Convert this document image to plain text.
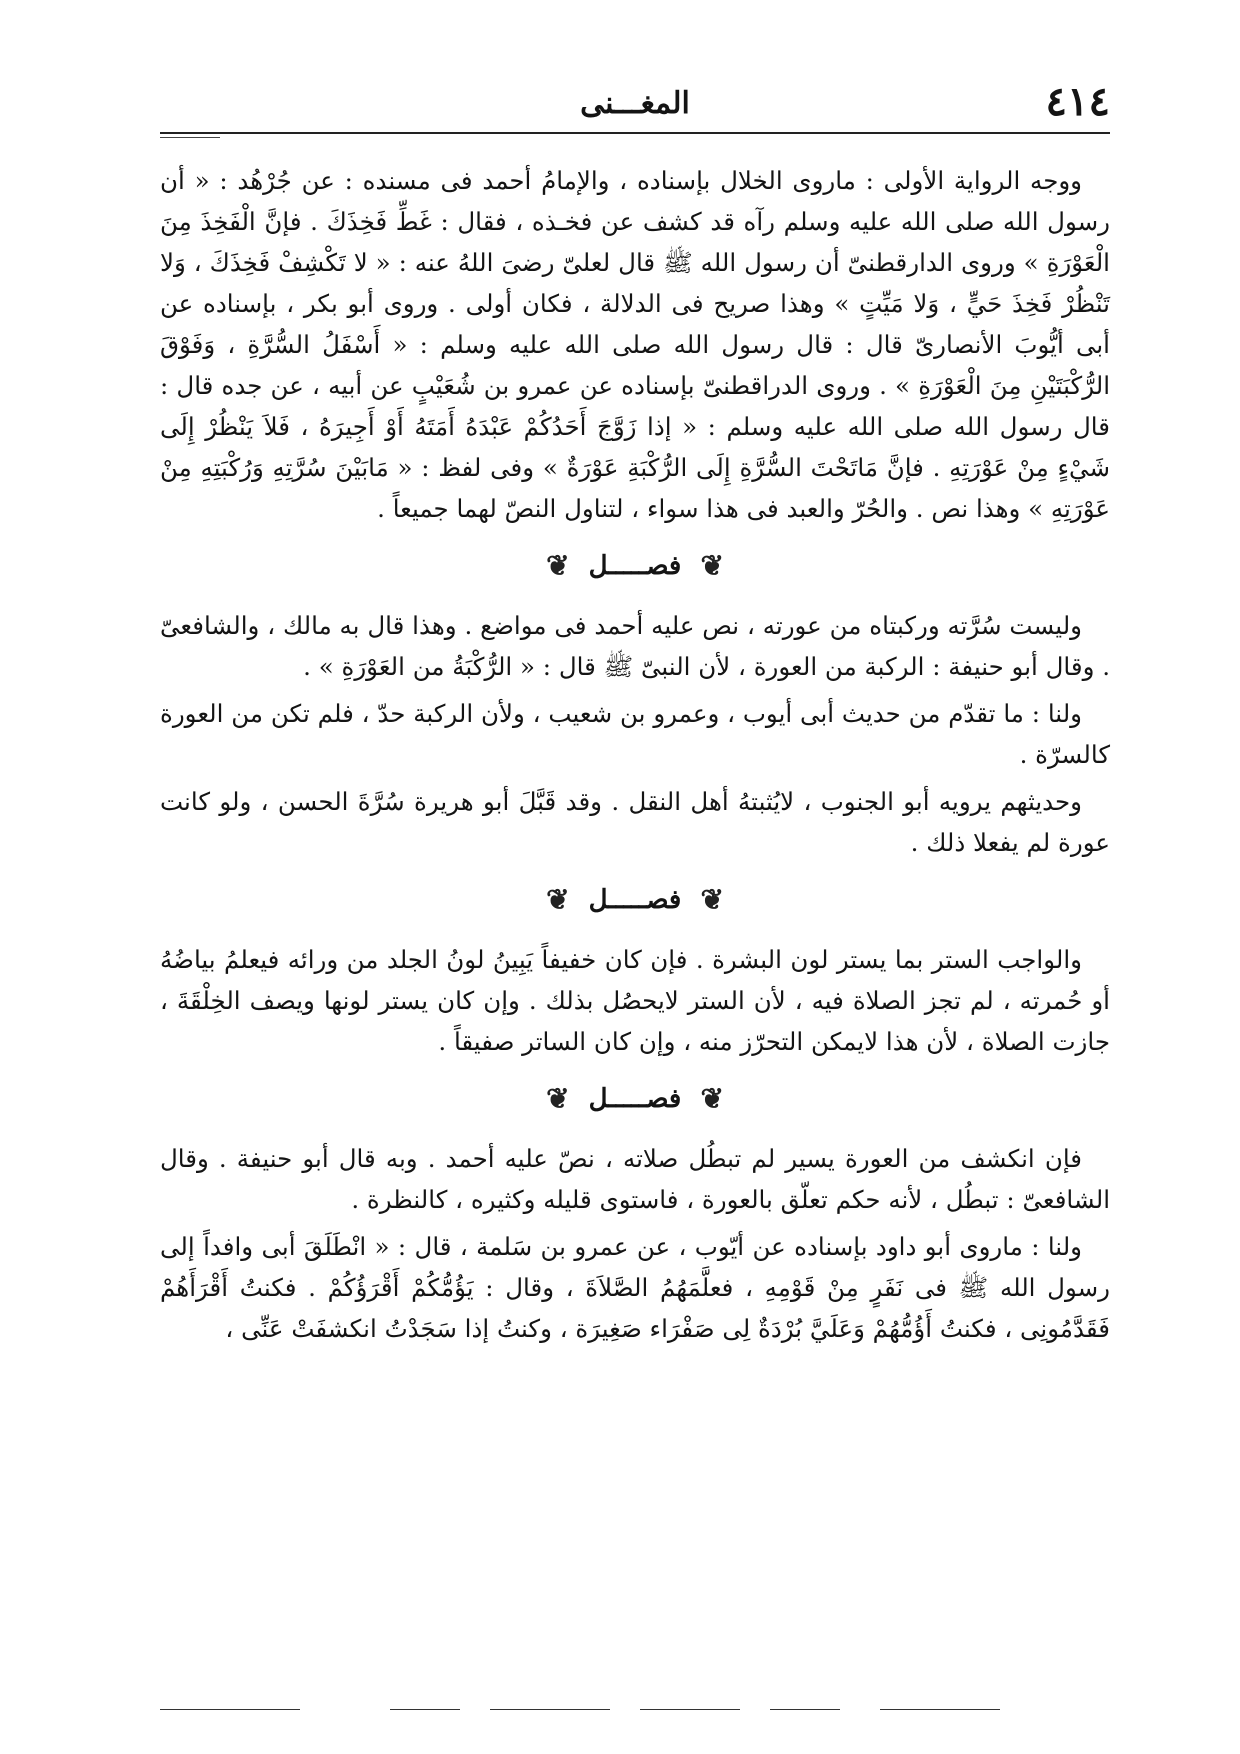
٤١٤
المغـــنى

ووجه الرواية الأولى : ماروى الخلال بإسناده ، والإمامُ أحمد فى مسنده : عن جُرْهُد : « أن رسول الله صلى الله عليه وسلم رآه قد كشف عن فخـذه ، فقال : غَطِّ فَخِذَكَ . فإنَّ الْفَخِذَ مِنَ الْعَوْرَةِ » وروى الدارقطنىّ أن رسول الله ﷺ قال لعلىّ رضىَ اللهُ عنه : « لا تَكْشِفْ فَخِذَكَ ، وَلا تَنْظُرْ فَخِذَ حَيٍّ ، وَلا مَيِّتٍ » وهذا صريح فى الدلالة ، فكان أولى . وروى أبو بكر ، بإسناده عن أبى أيُّوبَ الأنصارىّ قال : قال رسول الله صلى الله عليه وسلم : « أَسْفَلُ السُّرَّةِ ، وَفَوْقَ الرُّكْبَتَيْنِ مِنَ الْعَوْرَةِ » . وروى الدراقطنىّ بإسناده عن عمرو بن شُعَيْبٍ عن أبيه ، عن جده قال : قال رسول الله صلى الله عليه وسلم : « إذا زَوَّجَ أَحَدُكُمْ عَبْدَهُ أَمَتَهُ أَوْ أَجِيرَهُ ، فَلاَ يَنْظُرْ إِلَى شَيْءٍ مِنْ عَوْرَتِهِ . فإنَّ مَاتَحْتَ السُّرَّةِ إِلَى الرُّكْبَةِ عَوْرَةٌ » وفى لفظ : « مَابَيْنَ سُرَّتِهِ وَرُكْبَتِهِ مِنْ عَوْرَتِهِ » وهذا نص . والحُرّ والعبد فى هذا سواء ، لتناول النصّ لهما جميعاً .

❦ فصـــــل ❦

وليست سُرَّته وركبتاه من عورته ، نص عليه أحمد فى مواضع . وهذا قال به مالك ، والشافعىّ . وقال أبو حنيفة : الركبة من العورة ، لأن النبىّ ﷺ قال : « الرُّكْبَةُ من العَوْرَةِ » .

ولنا : ما تقدّم من حديث أبى أيوب ، وعمرو بن شعيب ، ولأن الركبة حدّ ، فلم تكن من العورة كالسرّة .

وحديثهم يرويه أبو الجنوب ، لايُثبتهُ أهل النقل . وقد قَبَّلَ أبو هريرة سُرَّةَ الحسن ، ولو كانت عورة لم يفعلا ذلك .

❦ فصـــــل ❦

والواجب الستر بما يستر لون البشرة . فإن كان خفيفاً يَبِينُ لونُ الجلد من ورائه فيعلمُ بياضُهُ أو حُمرته ، لم تجز الصلاة فيه ، لأن الستر لايحصُل بذلك . وإن كان يستر لونها ويصف الخِلْقَةَ ، جازت الصلاة ، لأن هذا لايمكن التحرّز منه ، وإن كان الساتر صفيقاً .

❦ فصـــــل ❦

فإن انكشف من العورة يسير لم تبطُل صلاته ، نصّ عليه أحمد . وبه قال أبو حنيفة . وقال الشافعىّ : تبطُل ، لأنه حكم تعلّق بالعورة ، فاستوى قليله وكثيره ، كالنظرة .

ولنا : ماروى أبو داود بإسناده عن أيّوب ، عن عمرو بن سَلمة ، قال : « انْطَلَقَ أبى وافداً إلى رسول الله ﷺ فى نَفَرٍ مِنْ قَوْمِهِ ، فعلَّمَهُمُ الصَّلاَةَ ، وقال : يَؤُمُّكُمْ أَقْرَؤُكُمْ . فكنتُ أَقْرَأَهُمْ فَقَدَّمُونِى ، فكنتُ أَؤُمُّهُمْ وَعَلَيَّ بُرْدَةٌ لِى صَفْرَاء صَغِيرَة ، وكنتُ إذا سَجَدْتُ انكشفَتْ عَنِّى ،
